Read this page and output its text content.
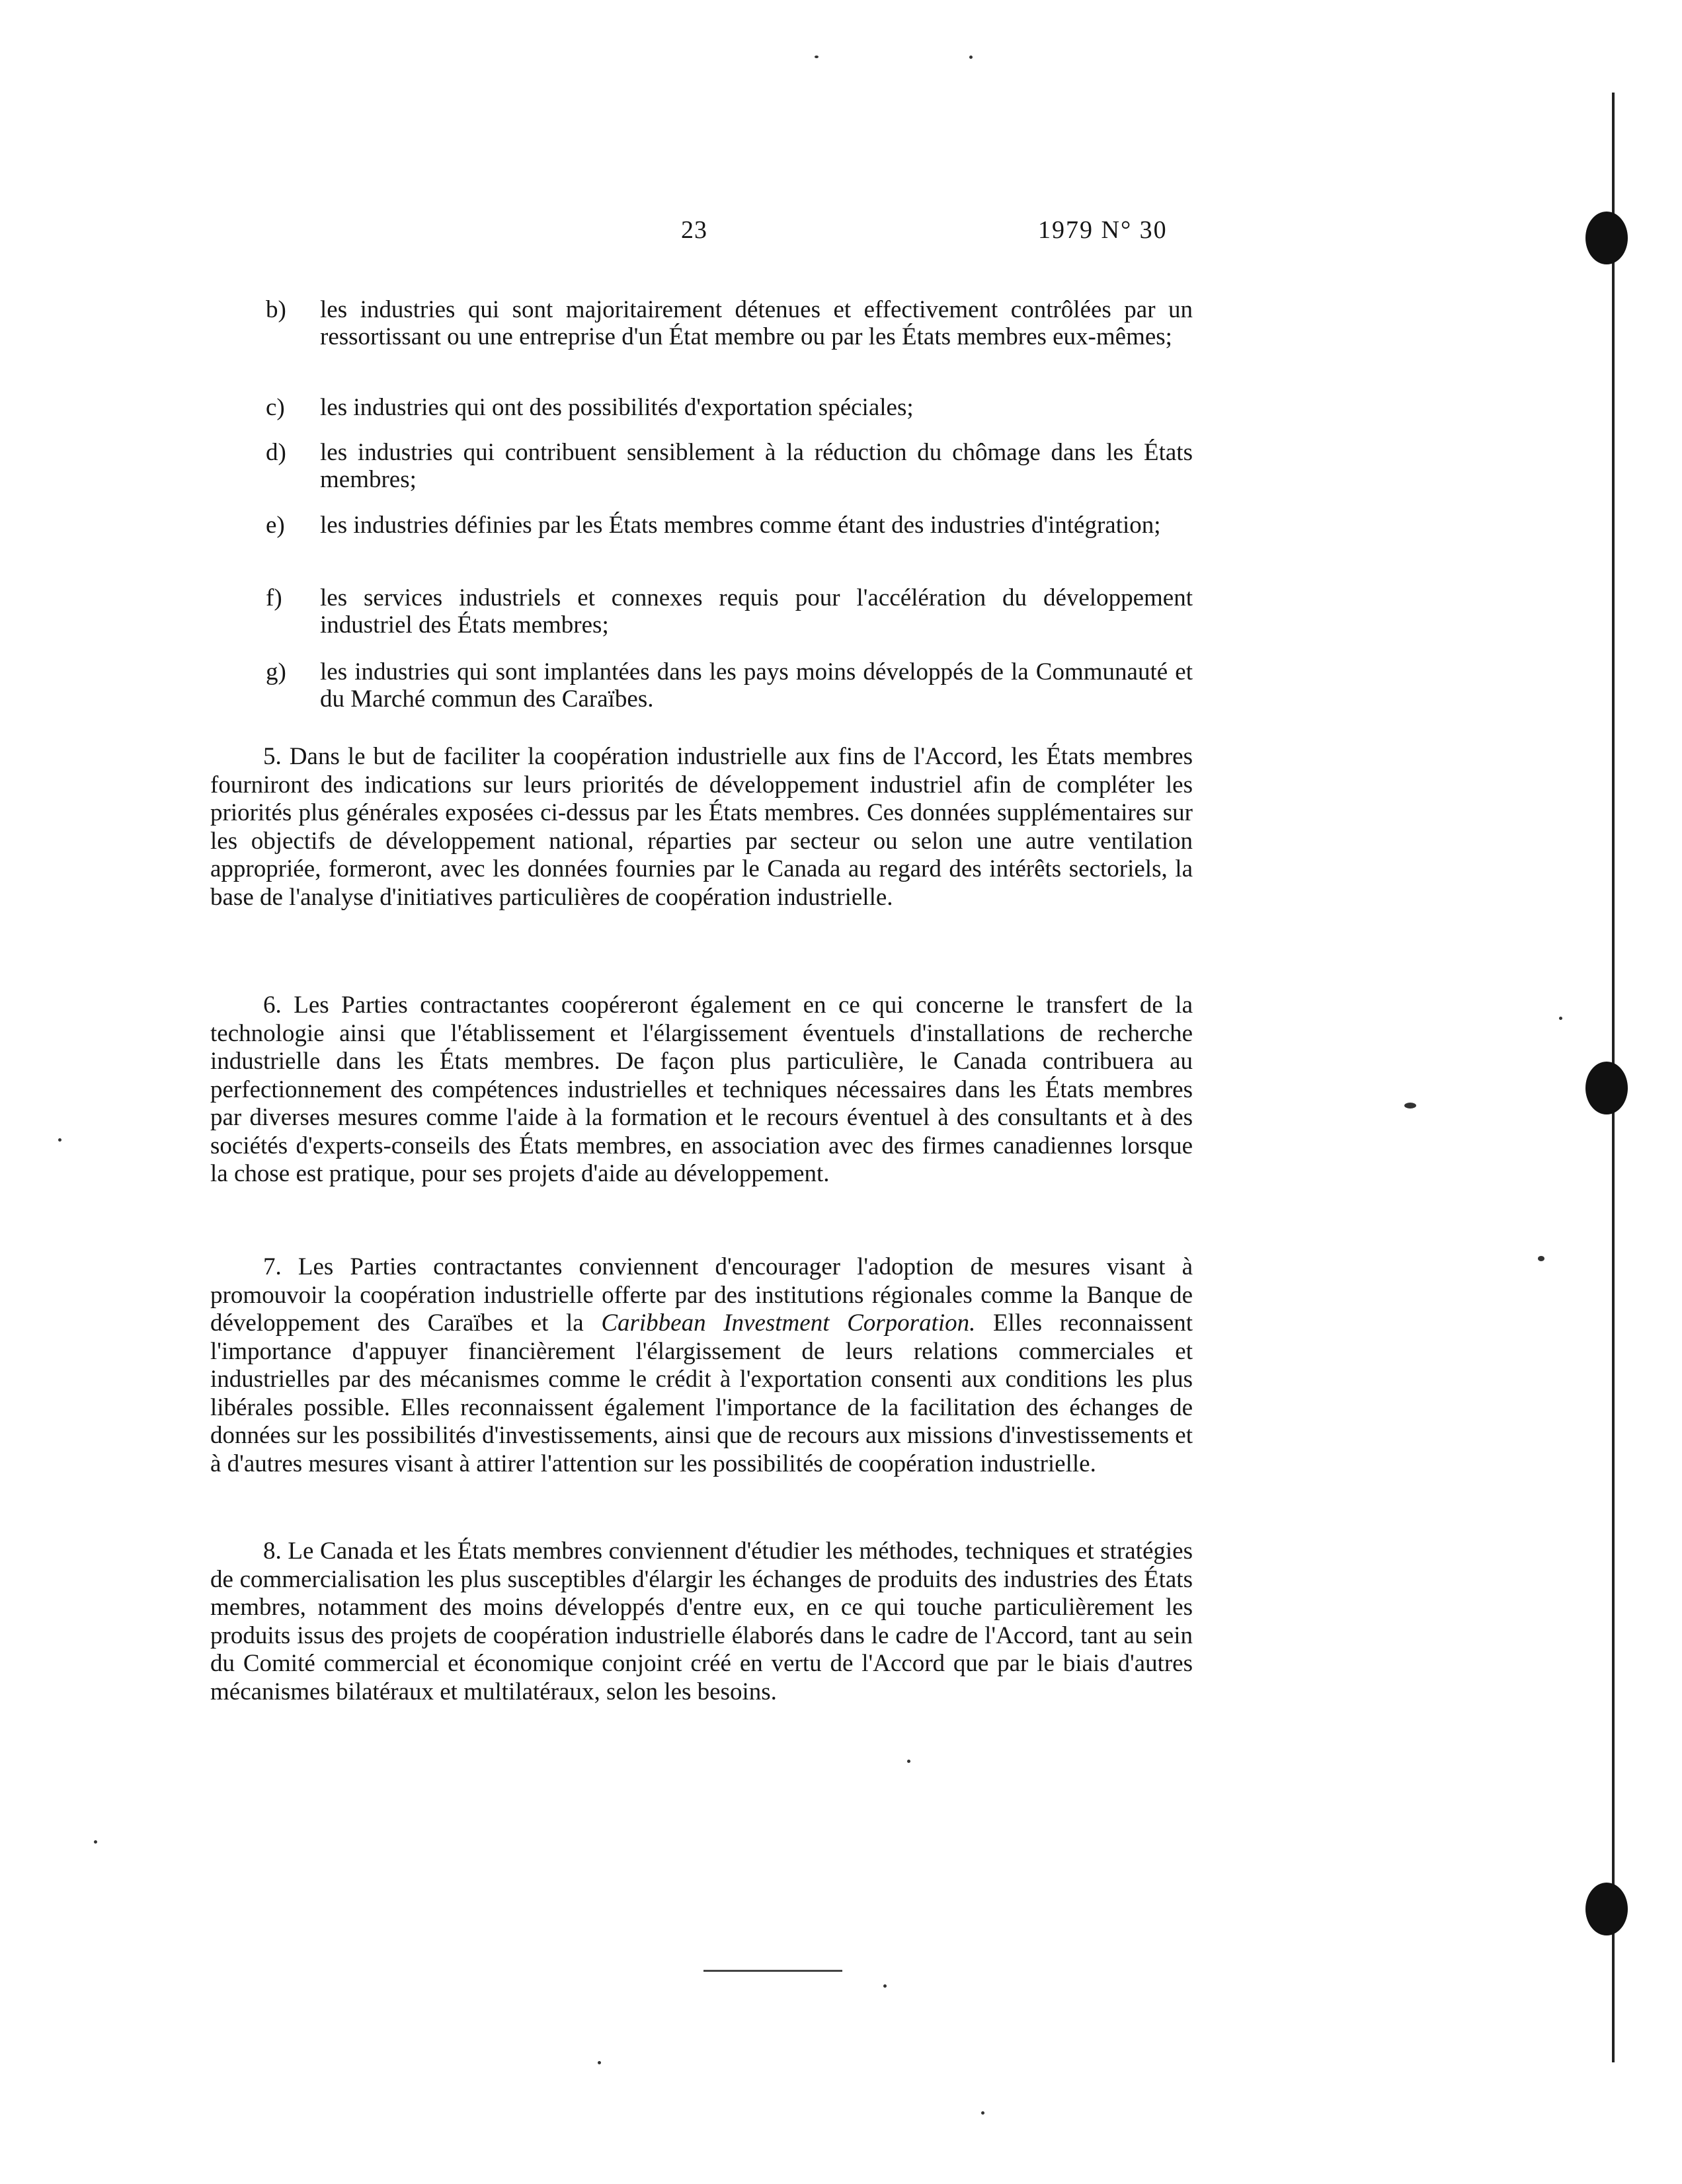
23	1979 N° 30
b) les industries qui sont majoritairement détenues et effectivement contrôlées par un ressortissant ou une entreprise d'un État membre ou par les États membres eux-mêmes;
c) les industries qui ont des possibilités d'exportation spéciales;
d) les industries qui contribuent sensiblement à la réduction du chômage dans les États membres;
e) les industries définies par les États membres comme étant des industries d'intégration;
f) les services industriels et connexes requis pour l'accélération du développement industriel des États membres;
g) les industries qui sont implantées dans les pays moins développés de la Communauté et du Marché commun des Caraïbes.

5. Dans le but de faciliter la coopération industrielle aux fins de l'Accord, les États membres fourniront des indications sur leurs priorités de développement industriel afin de compléter les priorités plus générales exposées ci-dessus par les États membres. Ces données supplémentaires sur les objectifs de développement national, réparties par secteur ou selon une autre ventilation appropriée, formeront, avec les données fournies par le Canada au regard des intérêts sectoriels, la base de l'analyse d'initiatives particulières de coopération industrielle.

6. Les Parties contractantes coopéreront également en ce qui concerne le transfert de la technologie ainsi que l'établissement et l'élargissement éventuels d'installations de recherche industrielle dans les États membres. De façon plus particulière, le Canada contribuera au perfectionnement des compétences industrielles et techniques nécessaires dans les États membres par diverses mesures comme l'aide à la formation et le recours éventuel à des consultants et à des sociétés d'experts-conseils des États membres, en association avec des firmes canadiennes lorsque la chose est pratique, pour ses projets d'aide au développement.

7. Les Parties contractantes conviennent d'encourager l'adoption de mesures visant à promouvoir la coopération industrielle offerte par des institutions régionales comme la Banque de développement des Caraïbes et la Caribbean Investment Corporation. Elles reconnaissent l'importance d'appuyer financièrement l'élargissement de leurs relations commerciales et industrielles par des mécanismes comme le crédit à l'exportation consenti aux conditions les plus libérales possible. Elles reconnaissent également l'importance de la facilitation des échanges de données sur les possibilités d'investissements, ainsi que de recours aux missions d'investissements et à d'autres mesures visant à attirer l'attention sur les possibilités de coopération industrielle.

8. Le Canada et les États membres conviennent d'étudier les méthodes, techniques et stratégies de commercialisation les plus susceptibles d'élargir les échanges de produits des industries des États membres, notamment des moins développés d'entre eux, en ce qui touche particulièrement les produits issus des projets de coopération industrielle élaborés dans le cadre de l'Accord, tant au sein du Comité commercial et économique conjoint créé en vertu de l'Accord que par le biais d'autres mécanismes bilatéraux et multilatéraux, selon les besoins.
